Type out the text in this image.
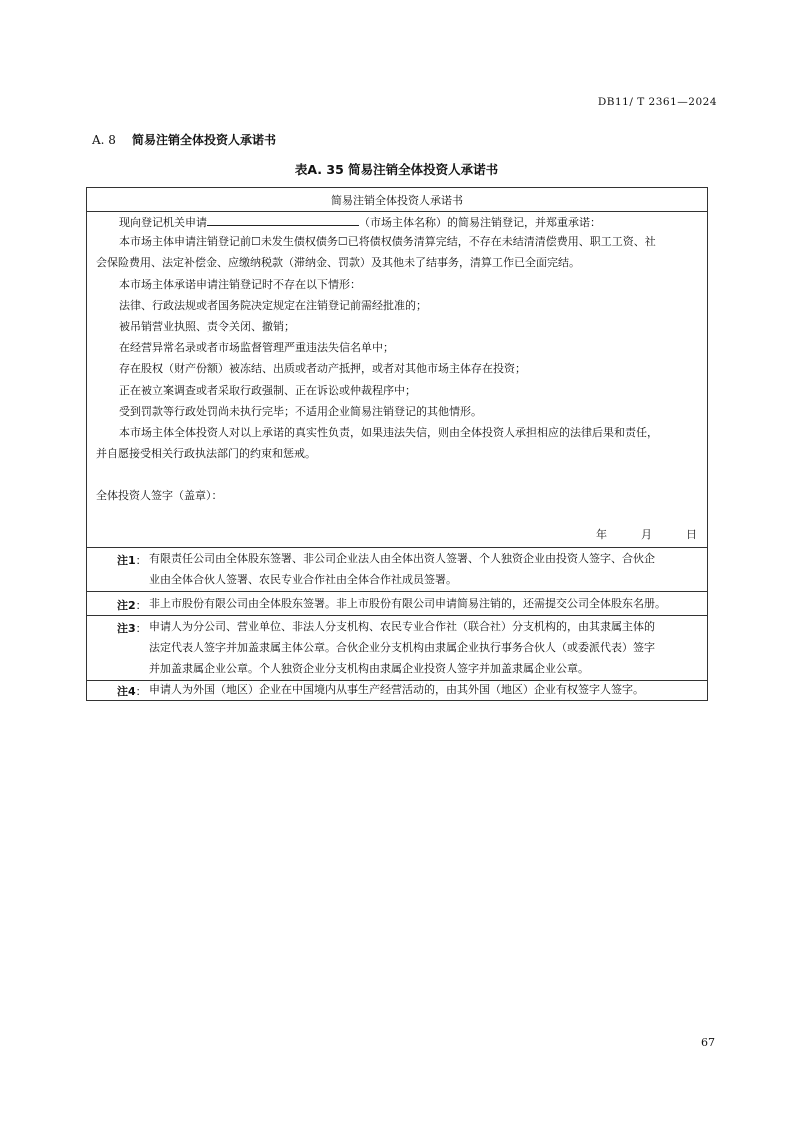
DB11/ T 2361—2024
A. 8 简易注销全体投资人承诺书
表A. 35 简易注销全体投资人承诺书
简易注销全体投资人承诺书
现向登记机关申请	（市场主体名称）的简易注销登记，并郑重承诺：
本市场主体申请注销登记前☐未发生债权债务☐已将债权债务清算完结，不存在未结清清偿费用、职工工资、社
会保险费用、法定补偿金、应缴纳税款（滞纳金、罚款）及其他未了结事务，清算工作已全面完结。
本市场主体承诺申请注销登记时不存在以下情形：
法律、行政法规或者国务院决定规定在注销登记前需经批准的；
被吊销营业执照、责令关闭、撤销；
在经营异常名录或者市场监督管理严重违法失信名单中；
存在股权（财产份额）被冻结、出质或者动产抵押，或者对其他市场主体存在投资；
正在被立案调查或者采取行政强制、正在诉讼或仲裁程序中；
受到罚款等行政处罚尚未执行完毕；不适用企业简易注销登记的其他情形。
本市场主体全体投资人对以上承诺的真实性负责，如果违法失信，则由全体投资人承担相应的法律后果和责任，
并自愿接受相关行政执法部门的约束和惩戒。
全体投资人签字（盖章）：
年	月	日
注1： 有限责任公司由全体股东签署、非公司企业法人由全体出资人签署、个人独资企业由投资人签字、合伙企
业由全体合伙人签署、农民专业合作社由全体合作社成员签署。
注2： 非上市股份有限公司由全体股东签署。非上市股份有限公司申请简易注销的，还需提交公司全体股东名册。
注3： 申请人为分公司、营业单位、非法人分支机构、农民专业合作社（联合社）分支机构的，由其隶属主体的
法定代表人签字并加盖隶属主体公章。合伙企业分支机构由隶属企业执行事务合伙人（或委派代表）签字
并加盖隶属企业公章。个人独资企业分支机构由隶属企业投资人签字并加盖隶属企业公章。
注4： 申请人为外国（地区）企业在中国境内从事生产经营活动的，由其外国（地区）企业有权签字人签字。
67
